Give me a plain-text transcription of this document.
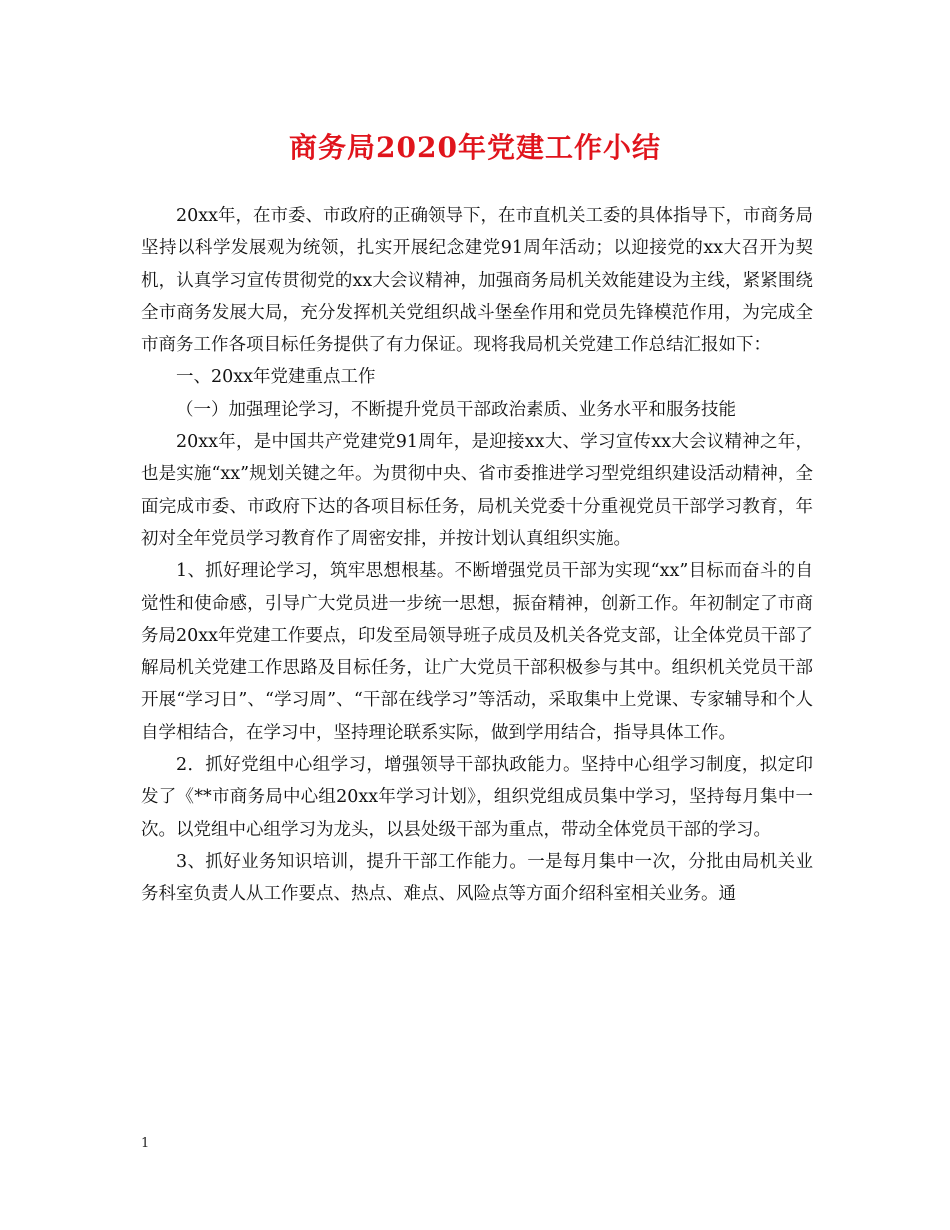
商务局2020年党建工作小结

20xx年，在市委、市政府的正确领导下，在市直机关工委的具体指导下，市商务局坚持以科学发展观为统领，扎实开展纪念建党91周年活动；以迎接党的xx大召开为契机，认真学习宣传贯彻党的xx大会议精神，加强商务局机关效能建设为主线，紧紧围绕全市商务发展大局，充分发挥机关党组织战斗堡垒作用和党员先锋模范作用，为完成全市商务工作各项目标任务提供了有力保证。现将我局机关党建工作总结汇报如下：

一、20xx年党建重点工作

（一）加强理论学习，不断提升党员干部政治素质、业务水平和服务技能

20xx年，是中国共产党建党91周年，是迎接xx大、学习宣传xx大会议精神之年，也是实施“xx”规划关键之年。为贯彻中央、省市委推进学习型党组织建设活动精神，全面完成市委、市政府下达的各项目标任务，局机关党委十分重视党员干部学习教育，年初对全年党员学习教育作了周密安排，并按计划认真组织实施。

1、抓好理论学习，筑牢思想根基。不断增强党员干部为实现“xx”目标而奋斗的自觉性和使命感，引导广大党员进一步统一思想，振奋精神，创新工作。年初制定了市商务局20xx年党建工作要点，印发至局领导班子成员及机关各党支部，让全体党员干部了解局机关党建工作思路及目标任务，让广大党员干部积极参与其中。组织机关党员干部开展“学习日”、“学习周”、“干部在线学习”等活动，采取集中上党课、专家辅导和个人自学相结合，在学习中，坚持理论联系实际，做到学用结合，指导具体工作。

2．抓好党组中心组学习，增强领导干部执政能力。坚持中心组学习制度，拟定印发了《**市商务局中心组20xx年学习计划》，组织党组成员集中学习，坚持每月集中一次。以党组中心组学习为龙头，以县处级干部为重点，带动全体党员干部的学习。

3、抓好业务知识培训，提升干部工作能力。一是每月集中一次，分批由局机关业务科室负责人从工作要点、热点、难点、风险点等方面介绍科室相关业务。通

1
